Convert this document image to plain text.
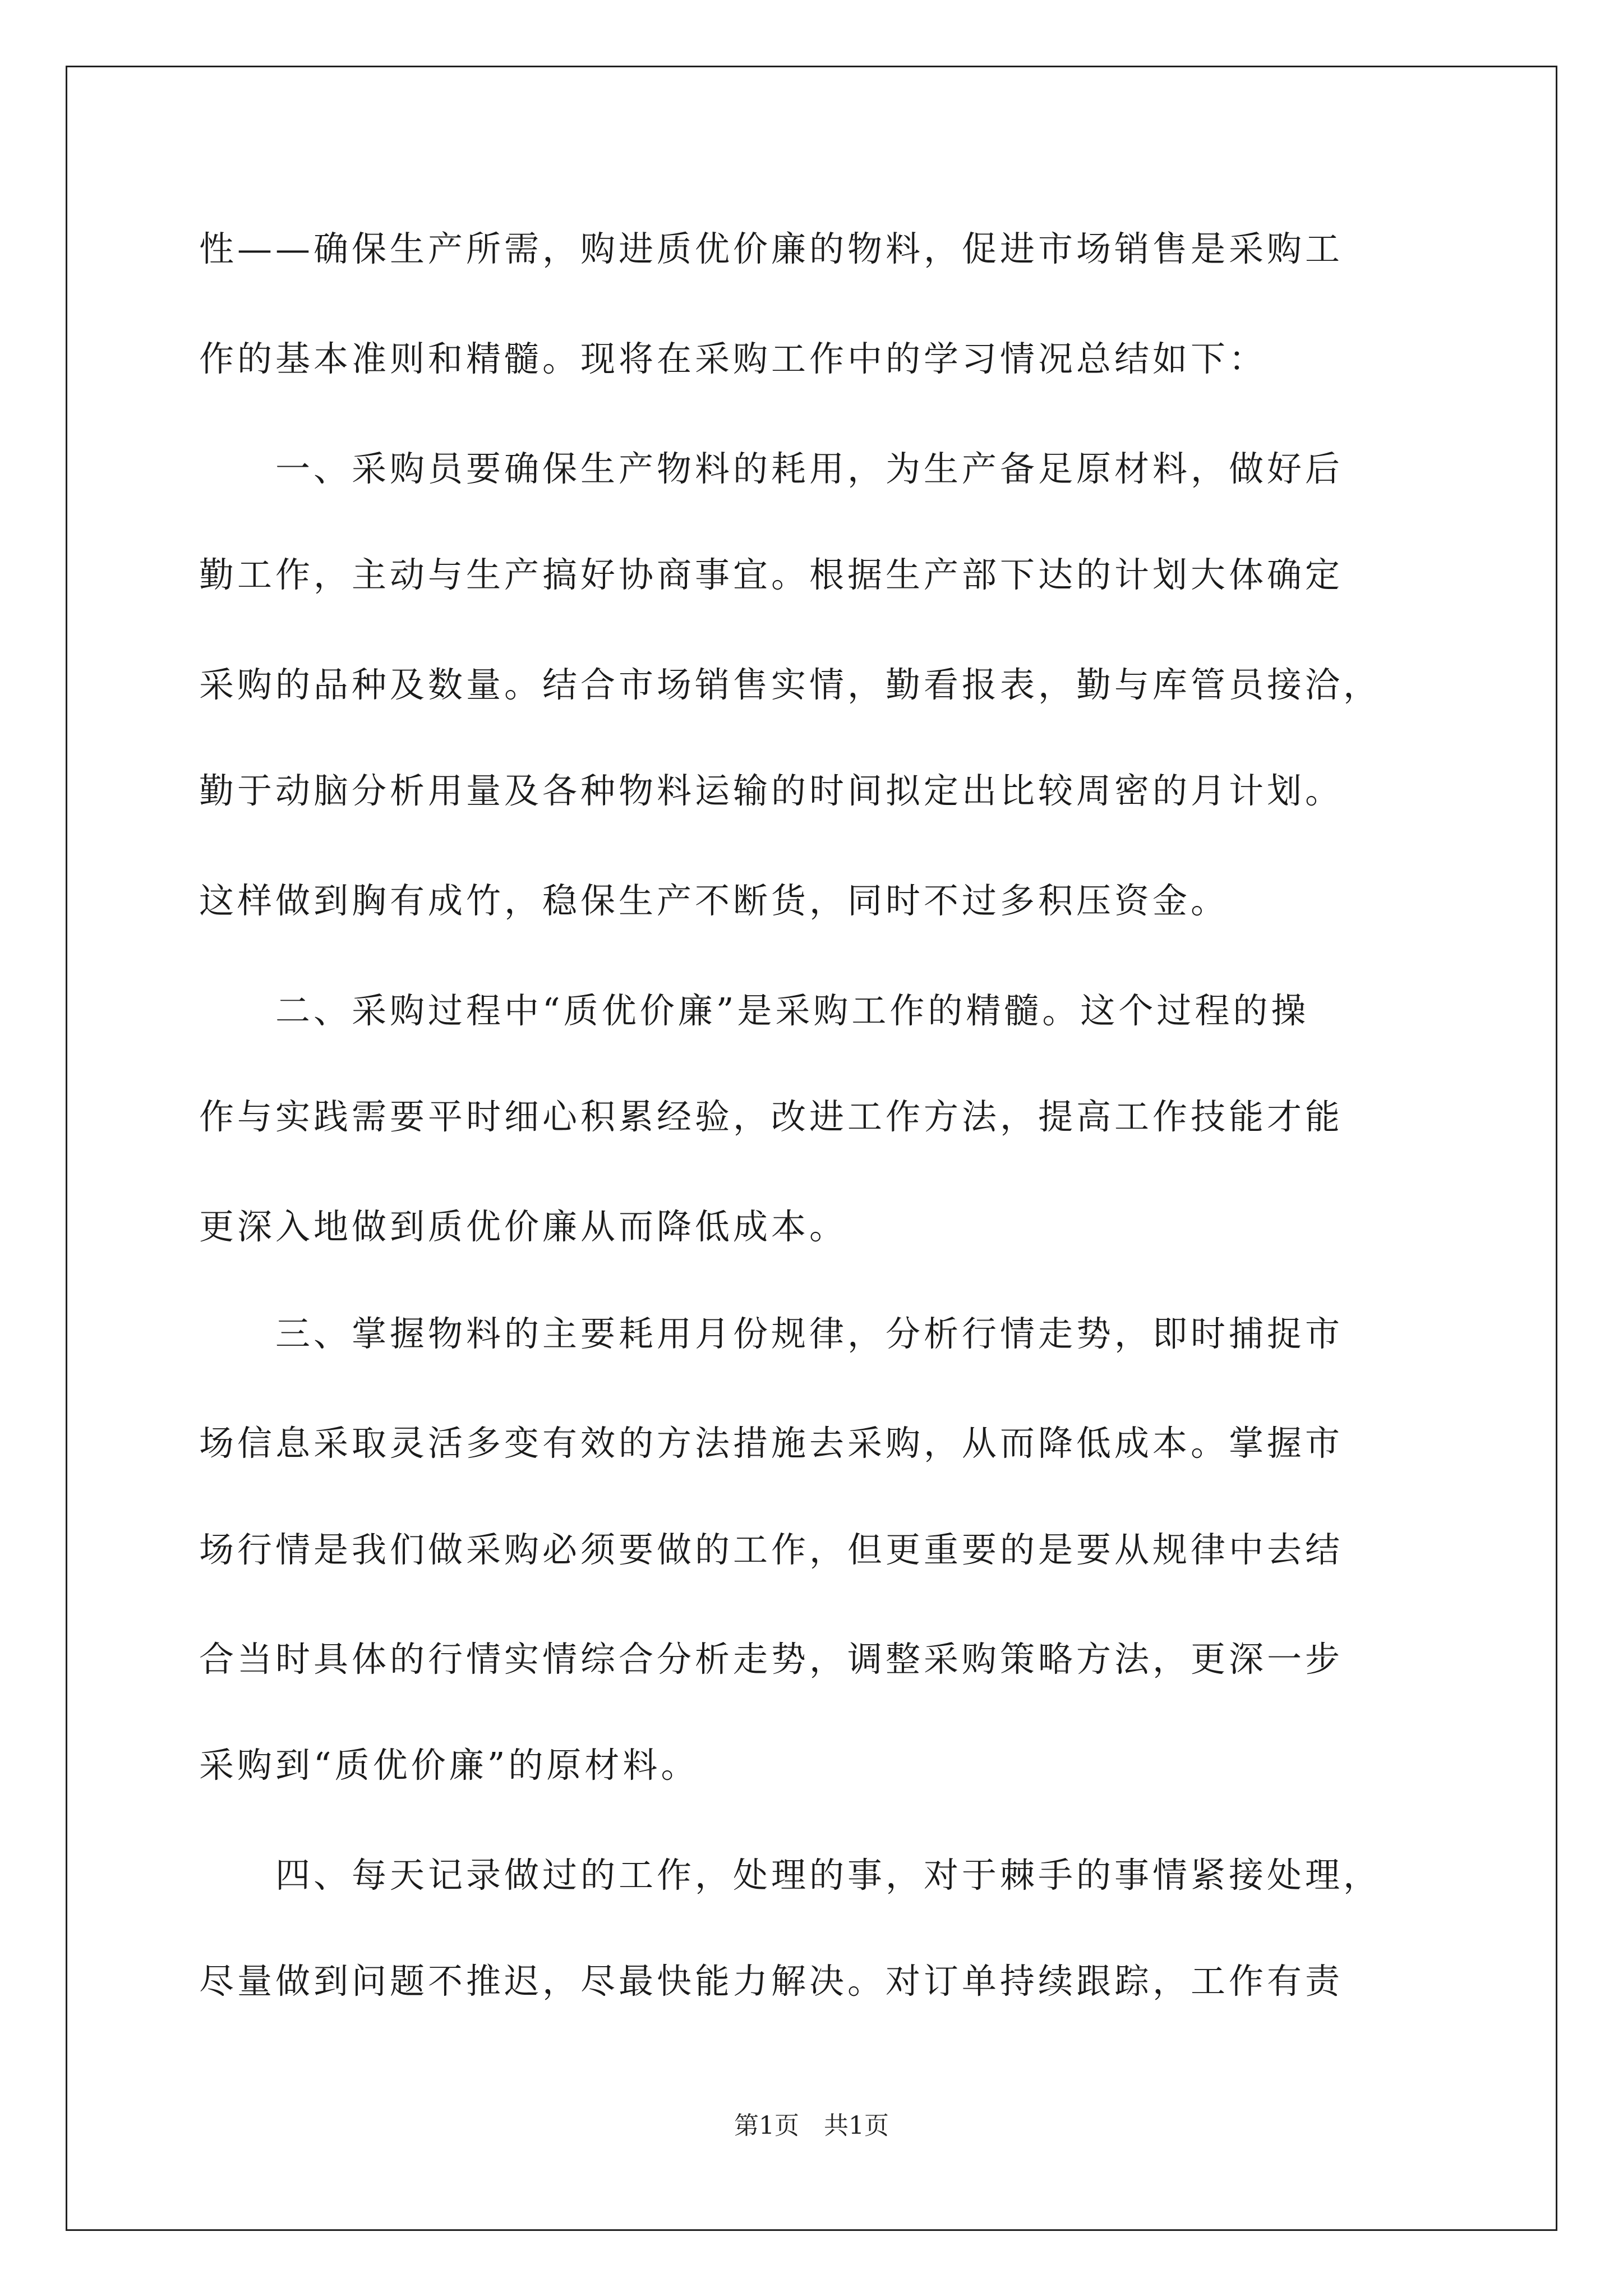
性——确保生产所需，购进质优价廉的物料，促进市场销售是采购工
作的基本准则和精髓。现将在采购工作中的学习情况总结如下：
　　一、采购员要确保生产物料的耗用，为生产备足原材料，做好后
勤工作，主动与生产搞好协商事宜。根据生产部下达的计划大体确定
采购的品种及数量。结合市场销售实情，勤看报表，勤与库管员接洽，
勤于动脑分析用量及各种物料运输的时间拟定出比较周密的月计划。
这样做到胸有成竹，稳保生产不断货，同时不过多积压资金。
　　二、采购过程中“质优价廉”是采购工作的精髓。这个过程的操
作与实践需要平时细心积累经验，改进工作方法，提高工作技能才能
更深入地做到质优价廉从而降低成本。
　　三、掌握物料的主要耗用月份规律，分析行情走势，即时捕捉市
场信息采取灵活多变有效的方法措施去采购，从而降低成本。掌握市
场行情是我们做采购必须要做的工作，但更重要的是要从规律中去结
合当时具体的行情实情综合分析走势，调整采购策略方法，更深一步
采购到“质优价廉”的原材料。
　　四、每天记录做过的工作，处理的事，对于棘手的事情紧接处理，
尽量做到问题不推迟，尽最快能力解决。对订单持续跟踪，工作有责
第1页　共1页
